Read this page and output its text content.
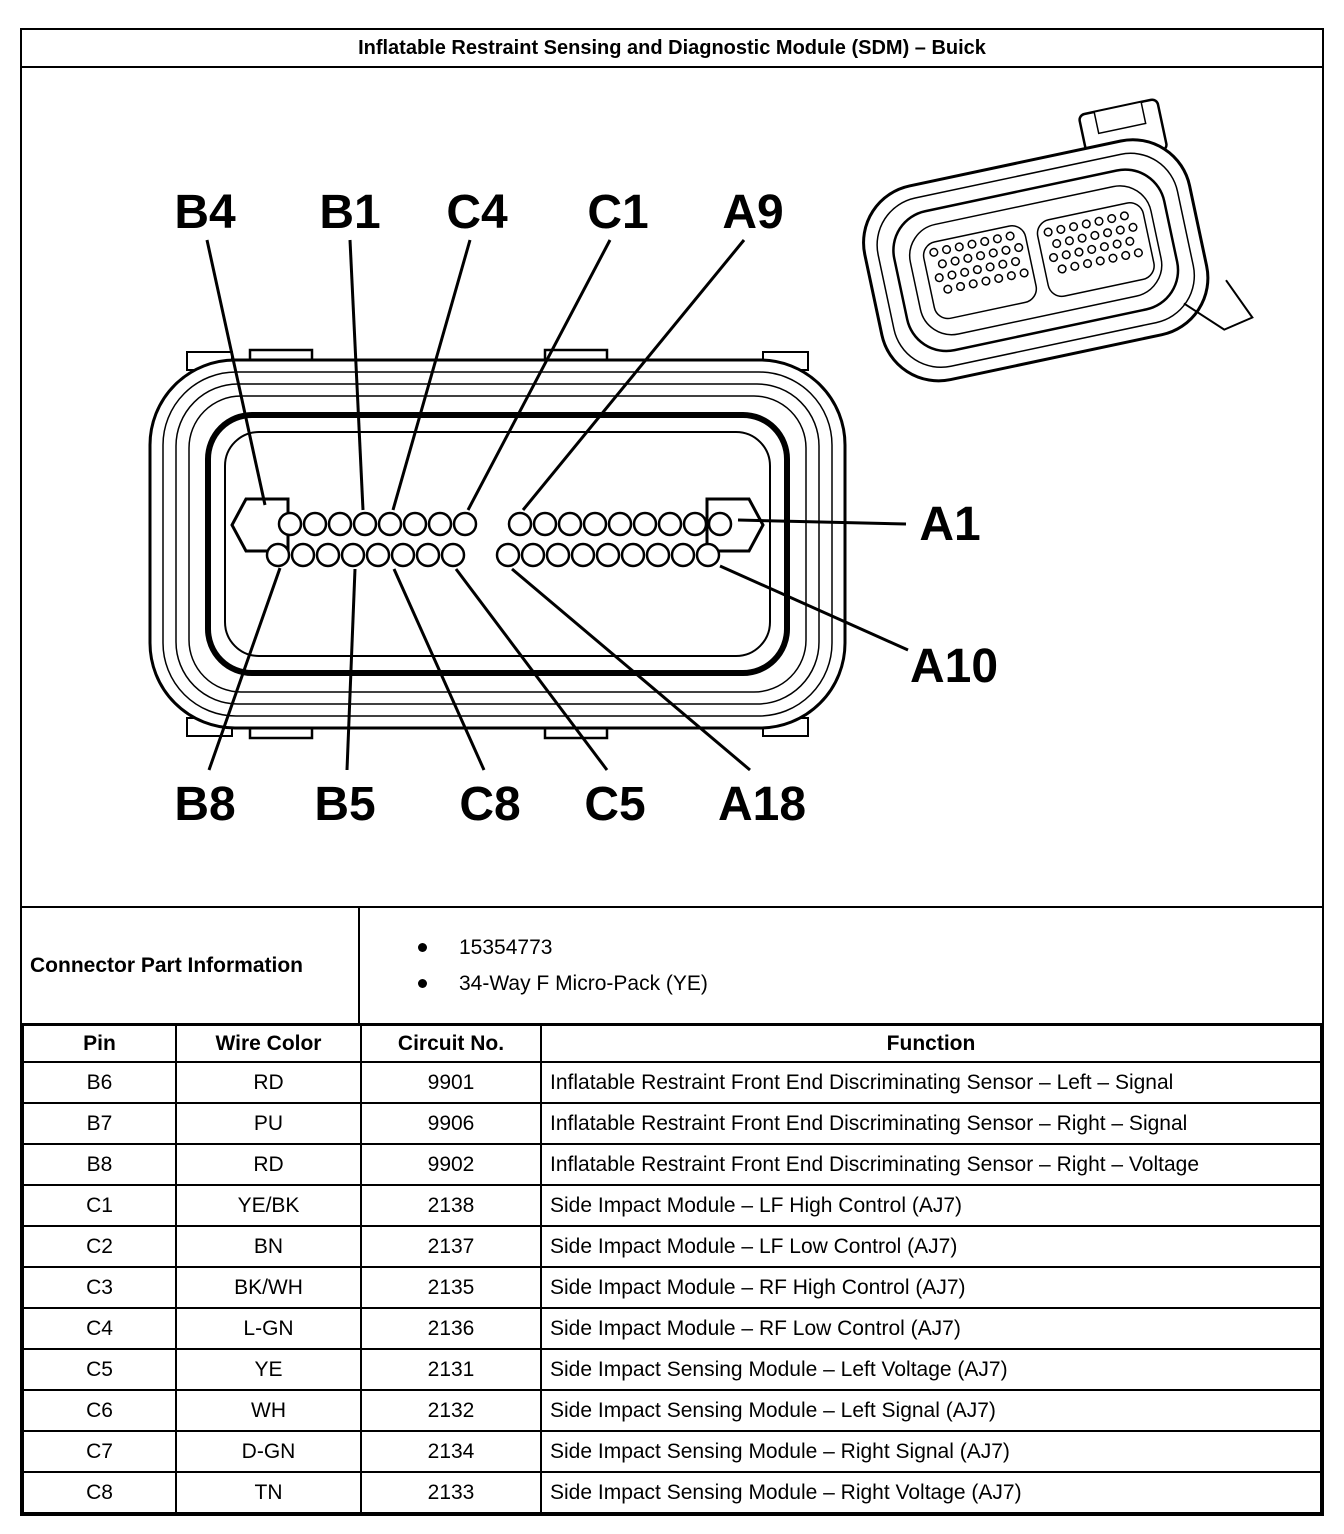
Inflatable Restraint Sensing and Diagnostic Module (SDM) – Buick
B4 B1 C4 C1 A9
A1
A10
B8 B5 C8 C5 A18
Connector Part Information
15354773
34-Way F Micro-Pack (YE)
Pin	Wire Color	Circuit No.	Function
B6	RD	9901	Inflatable Restraint Front End Discriminating Sensor – Left – Signal
B7	PU	9906	Inflatable Restraint Front End Discriminating Sensor – Right – Signal
B8	RD	9902	Inflatable Restraint Front End Discriminating Sensor – Right – Voltage
C1	YE/BK	2138	Side Impact Module – LF High Control (AJ7)
C2	BN	2137	Side Impact Module – LF Low Control (AJ7)
C3	BK/WH	2135	Side Impact Module – RF High Control (AJ7)
C4	L-GN	2136	Side Impact Module – RF Low Control (AJ7)
C5	YE	2131	Side Impact Sensing Module – Left Voltage (AJ7)
C6	WH	2132	Side Impact Sensing Module – Left Signal (AJ7)
C7	D-GN	2134	Side Impact Sensing Module – Right Signal (AJ7)
C8	TN	2133	Side Impact Sensing Module – Right Voltage (AJ7)
